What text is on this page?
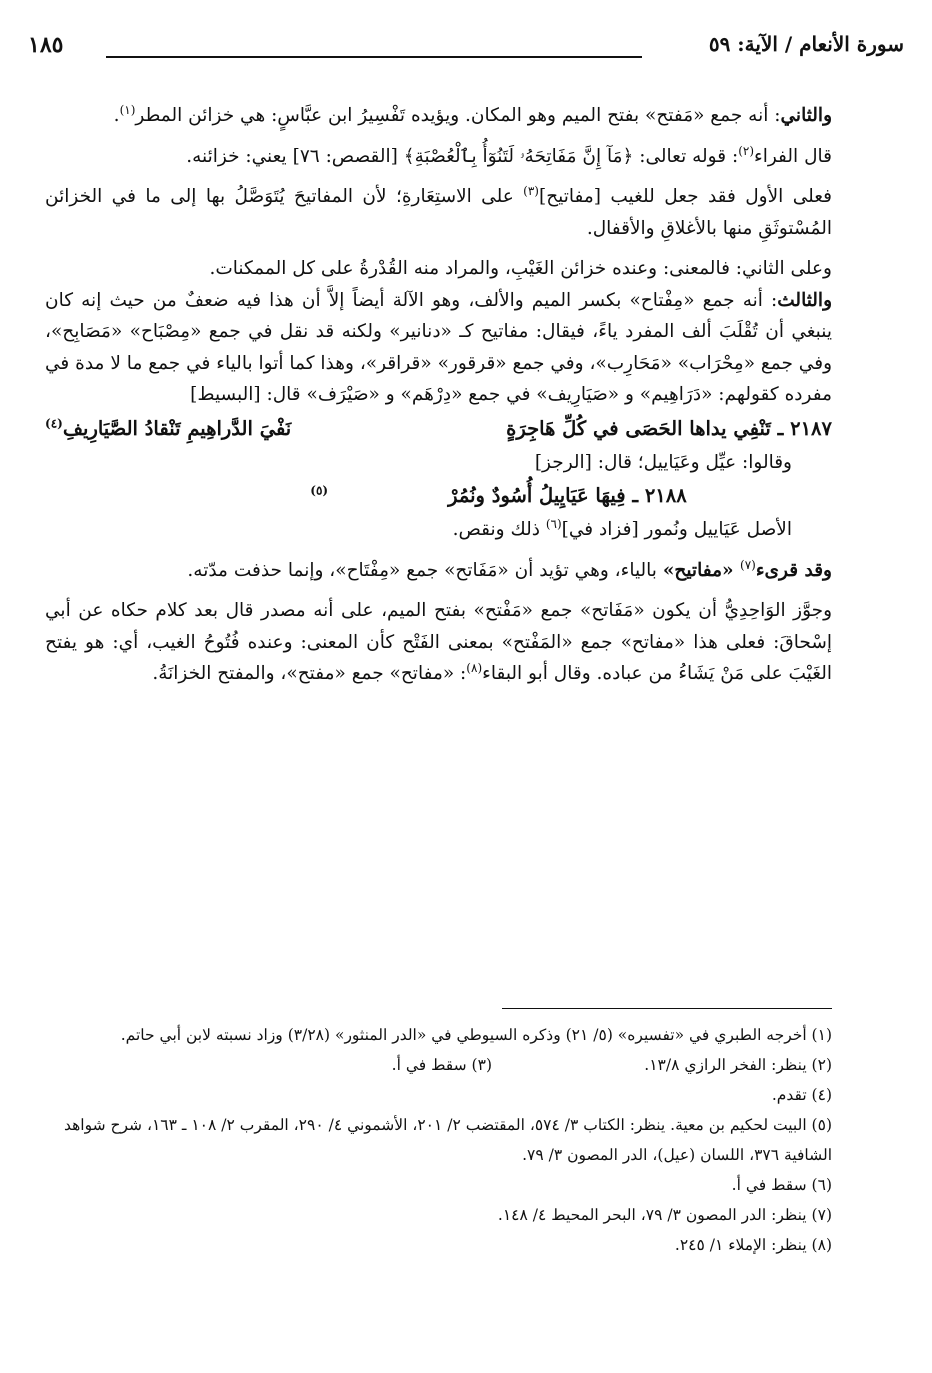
سورة الأنعام / الآية: ٥٩
١٨٥

والثاني: أنه جمع «مَفتح» بفتح الميم وهو المكان. ويؤيده تَفْسِيرُ ابن عبَّاسٍ: هي خزائن المطر$^{(١)}$.

قال الفراء$^{(٢)}$: قوله تعالى: ﴿مَآ إِنَّ مَفَاتِحَهُۥ لَتَنُوٓأُ بِٱلْعُصْبَةِ﴾ [القصص: ٧٦] يعني: خزائنه.

فعلى الأول فقد جعل للغيب [مفاتيح]$^{(٣)}$ على الاستِعَارةِ؛ لأن المفاتيحَ يُتَوَصَّلُ بها إلى ما في الخزائن المُسْتوثَقِ منها بالأغلاقِ والأقفال.

وعلى الثاني: فالمعنى: وعنده خزائن الغَيْبِ، والمراد منه القُدْرةُ على كل الممكنات.

والثالث: أنه جمع «مِفْتاح» بكسر الميم والألف، وهو الآلة أيضاً إلاَّ أن هذا فيه ضعفٌ من حيث إنه كان ينبغي أن تُقْلَبَ ألف المفرد ياءً، فيقال: مفاتيح كـ «دنانير» ولكنه قد نقل في جمع «مِصْبَاح» «مَصَابِح»، وفي جمع «مِحْرَاب» «مَحَارِب»، وفي جمع «قرقور» «قراقر»، وهذا كما أتوا بالياء في جمع ما لا مدة في مفرده كقولهم: «دَرَاهِيم» و «صَيَارِيف» في جمع «دِرْهَم» و «صَيْرَف» قال: [البسيط]

٢١٨٧ ـ تَنْفِي يداها الحَصَى في كُلِّ هَاجِرَةٍ
نَفْيَ الدَّراهِيمِ تَنْقادُ الصَّيَارِيفِ$^{(٤)}$

وقالوا: عيِّل وعَيَاييل؛ قال: [الرجز]

٢١٨٨ ـ فِيهَا عَيَايِيلُ أُسُودٌ ونُمُرْ$^{(٥)}$

الأصل عَيَاييل ونُمور [فزاد في]$^{(٦)}$ ذلك ونقص.

وقد قرىء$^{(٧)}$ «مفاتيح» بالياء، وهي تؤيد أن «مَفَاتح» جمع «مِفْتَاح»، وإنما حذفت مدّته.

وجوَّز الوَاحِدِيُّ أن يكون «مَفَاتح» جمع «مَفْتح» بفتح الميم، على أنه مصدر قال بعد كلام حكاه عن أبي إسْحاقَ: فعلى هذا «مفاتح» جمع «المَفْتح» بمعنى الفَتْح كأن المعنى: وعنده فُتُوحُ الغيب، أي: هو يفتح الغَيْبَ على مَنْ يَشَاءُ من عباده. وقال أبو البقاء$^{(٨)}$: «مفاتح» جمع «مفتح»، والمفتح الخزانَةُ.

(١) أخرجه الطبري في «تفسيره» (٥/ ٢١) وذكره السيوطي في «الدر المنثور» (٣/٢٨) وزاد نسبته لابن أبي حاتم.

(٢) ينظر: الفخر الرازي ١٣/٨.
(٣) سقط في أ.

(٤) تقدم.

(٥) البيت لحكيم بن معية. ينظر: الكتاب ٣/ ٥٧٤، المقتضب ٢/ ٢٠١، الأشموني ٤/ ٢٩٠، المقرب ٢/ ١٠٨ ـ ١٦٣، شرح شواهد الشافية ٣٧٦، اللسان (عيل)، الدر المصون ٣/ ٧٩.

(٦) سقط في أ.

(٧) ينظر: الدر المصون ٣/ ٧٩، البحر المحيط ٤/ ١٤٨.

(٨) ينظر: الإملاء ١/ ٢٤٥.
